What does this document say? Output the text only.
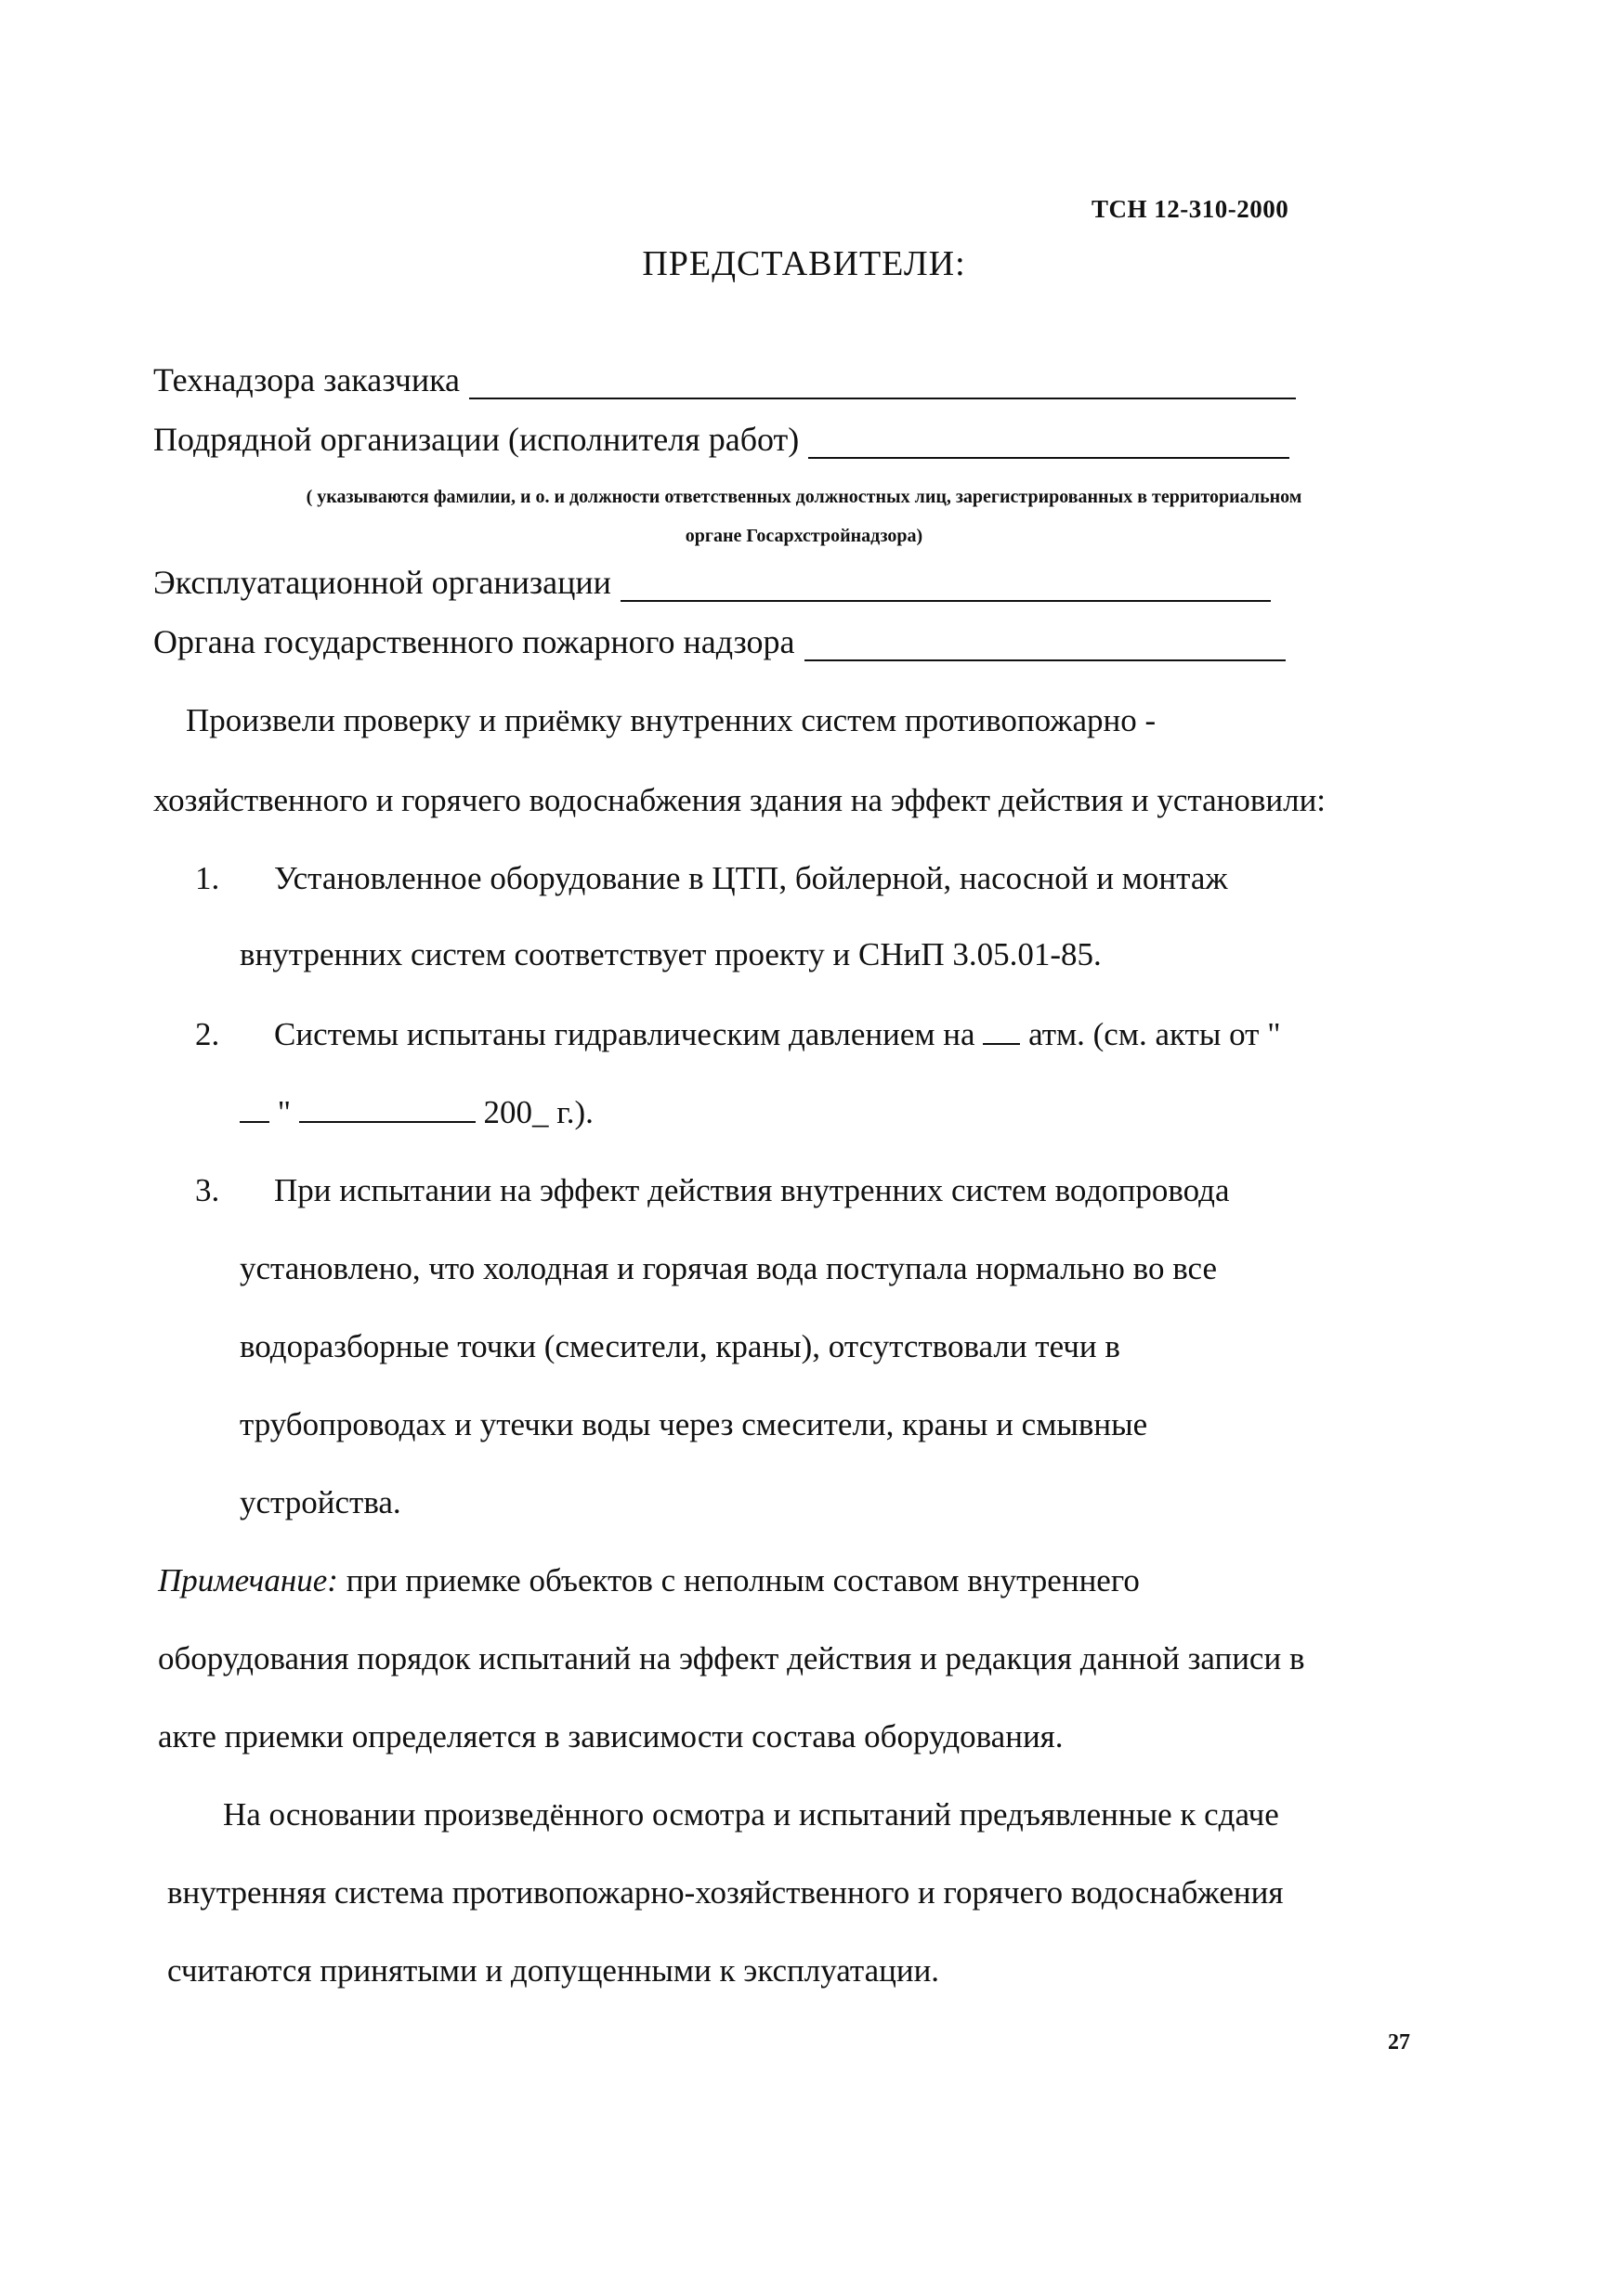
ТСН 12-310-2000
ПРЕДСТАВИТЕЛИ:
Технадзора заказчика
Подрядной организации (исполнителя работ)
( указываются фамилии, и о. и должности ответственных должностных лиц, зарегистрированных в территориальном
органе Госархстройнадзора)
Эксплуатационной организации
Органа государственного пожарного надзора
Произвели проверку и приёмку внутренних систем противопожарно -
хозяйственного и горячего водоснабжения здания на эффект действия и установили:
1. Установленное оборудование в ЦТП, бойлерной, насосной и монтаж
внутренних систем соответствует проекту и СНиП 3.05.01-85.
2. Системы испытаны гидравлическим давлением на атм. (см. акты от "
"	200_ г.).
3. При испытании на эффект действия внутренних систем водопровода
установлено, что холодная и горячая вода поступала нормально во все
водоразборные точки (смесители, краны), отсутствовали течи в
трубопроводах и утечки воды через смесители, краны и смывные
устройства.
Примечание: при приемке объектов с неполным составом внутреннего
оборудования порядок испытаний на эффект действия и редакция данной записи в
акте приемки определяется в зависимости состава оборудования.
На основании произведённого осмотра и испытаний предъявленные к сдаче
внутренняя система противопожарно-хозяйственного и горячего водоснабжения
считаются принятыми и допущенными к эксплуатации.
27
